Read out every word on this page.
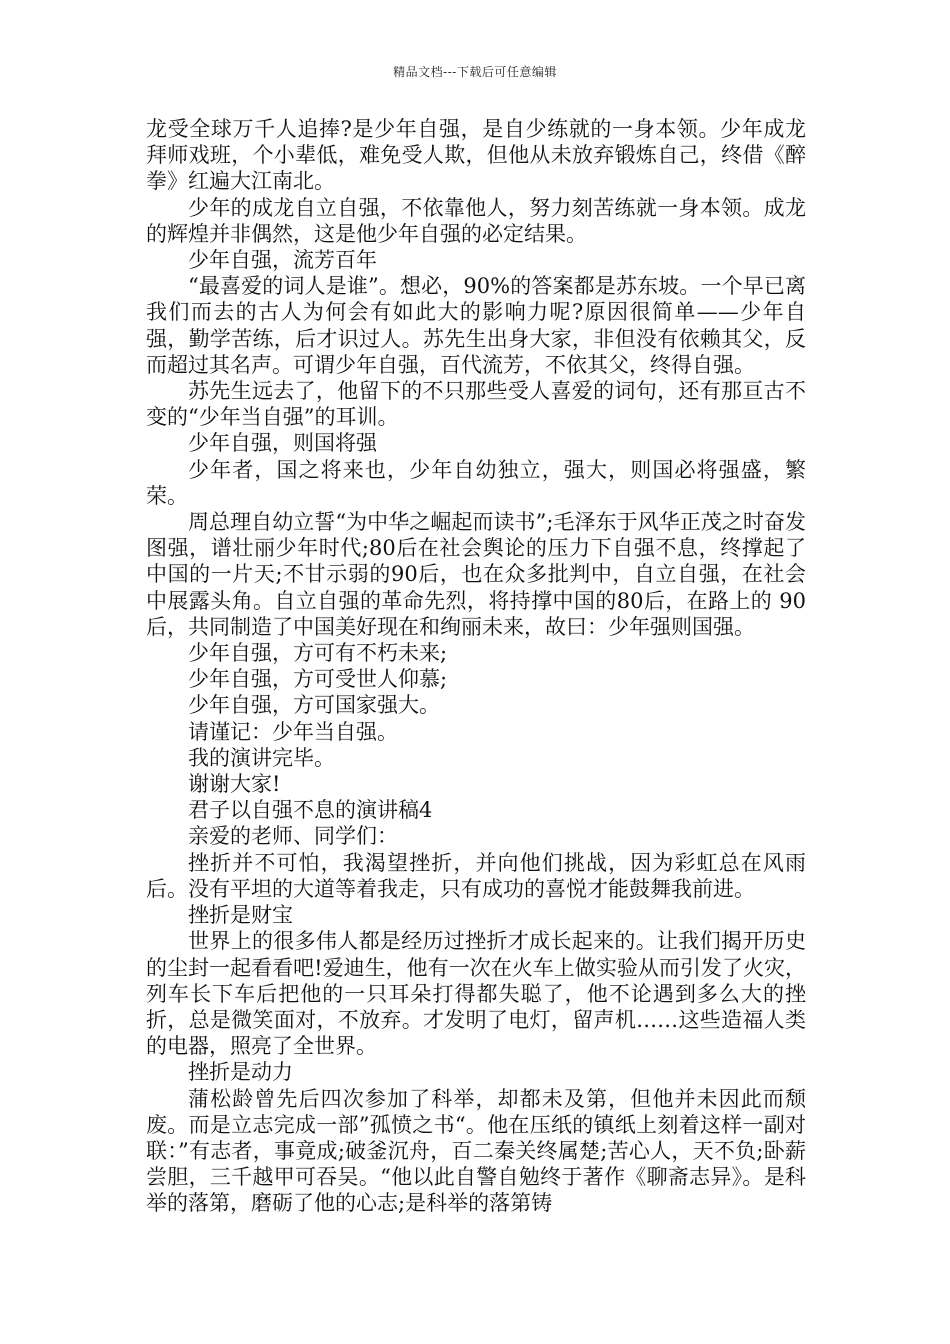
精品文档---下载后可任意编辑

龙受全球万千人追捧?是少年自强，是自少练就的一身本领。少年成龙拜师戏班，个小辈低，难免受人欺，但他从未放弃锻炼自己，终借《醉拳》红遍大江南北。

少年的成龙自立自强，不依靠他人，努力刻苦练就一身本领。成龙的辉煌并非偶然，这是他少年自强的必定结果。

少年自强，流芳百年

“最喜爱的词人是谁”。想必，90%的答案都是苏东坡。一个早已离我们而去的古人为何会有如此大的影响力呢?原因很简单——少年自强，勤学苦练，后才识过人。苏先生出身大家，非但没有依赖其父，反而超过其名声。可谓少年自强，百代流芳，不依其父，终得自强。

苏先生远去了，他留下的不只那些受人喜爱的词句，还有那亘古不变的“少年当自强”的耳训。

少年自强，则国将强

少年者，国之将来也，少年自幼独立，强大，则国必将强盛，繁荣。

周总理自幼立誓“为中华之崛起而读书”;毛泽东于风华正茂之时奋发图强，谱壮丽少年时代;80后在社会舆论的压力下自强不息，终撑起了中国的一片天;不甘示弱的90后，也在众多批判中，自立自强，在社会中展露头角。自立自强的革命先烈，将持撑中国的80后，在路上的 90后，共同制造了中国美好现在和绚丽未来，故曰：少年强则国强。

少年自强，方可有不朽未来;

少年自强，方可受世人仰慕;

少年自强，方可国家强大。

请谨记：少年当自强。

我的演讲完毕。

谢谢大家!

君子以自强不息的演讲稿4

亲爱的老师、同学们：

挫折并不可怕，我渴望挫折，并向他们挑战，因为彩虹总在风雨后。没有平坦的大道等着我走，只有成功的喜悦才能鼓舞我前进。

挫折是财宝

世界上的很多伟人都是经历过挫折才成长起来的。让我们揭开历史的尘封一起看看吧!爱迪生，他有一次在火车上做实验从而引发了火灾，列车长下车后把他的一只耳朵打得都失聪了，他不论遇到多么大的挫折，总是微笑面对，不放弃。才发明了电灯，留声机……这些造福人类的电器，照亮了全世界。

挫折是动力

蒲松龄曾先后四次参加了科举，却都未及第，但他并未因此而颓废。而是立志完成一部”孤愤之书“。他在压纸的镇纸上刻着这样一副对联：”有志者，事竟成;破釜沉舟，百二秦关终属楚;苦心人，天不负;卧薪尝胆，三千越甲可吞吴。“他以此自警自勉终于著作《聊斋志异》。是科举的落第，磨砺了他的心志;是科举的落第铸
